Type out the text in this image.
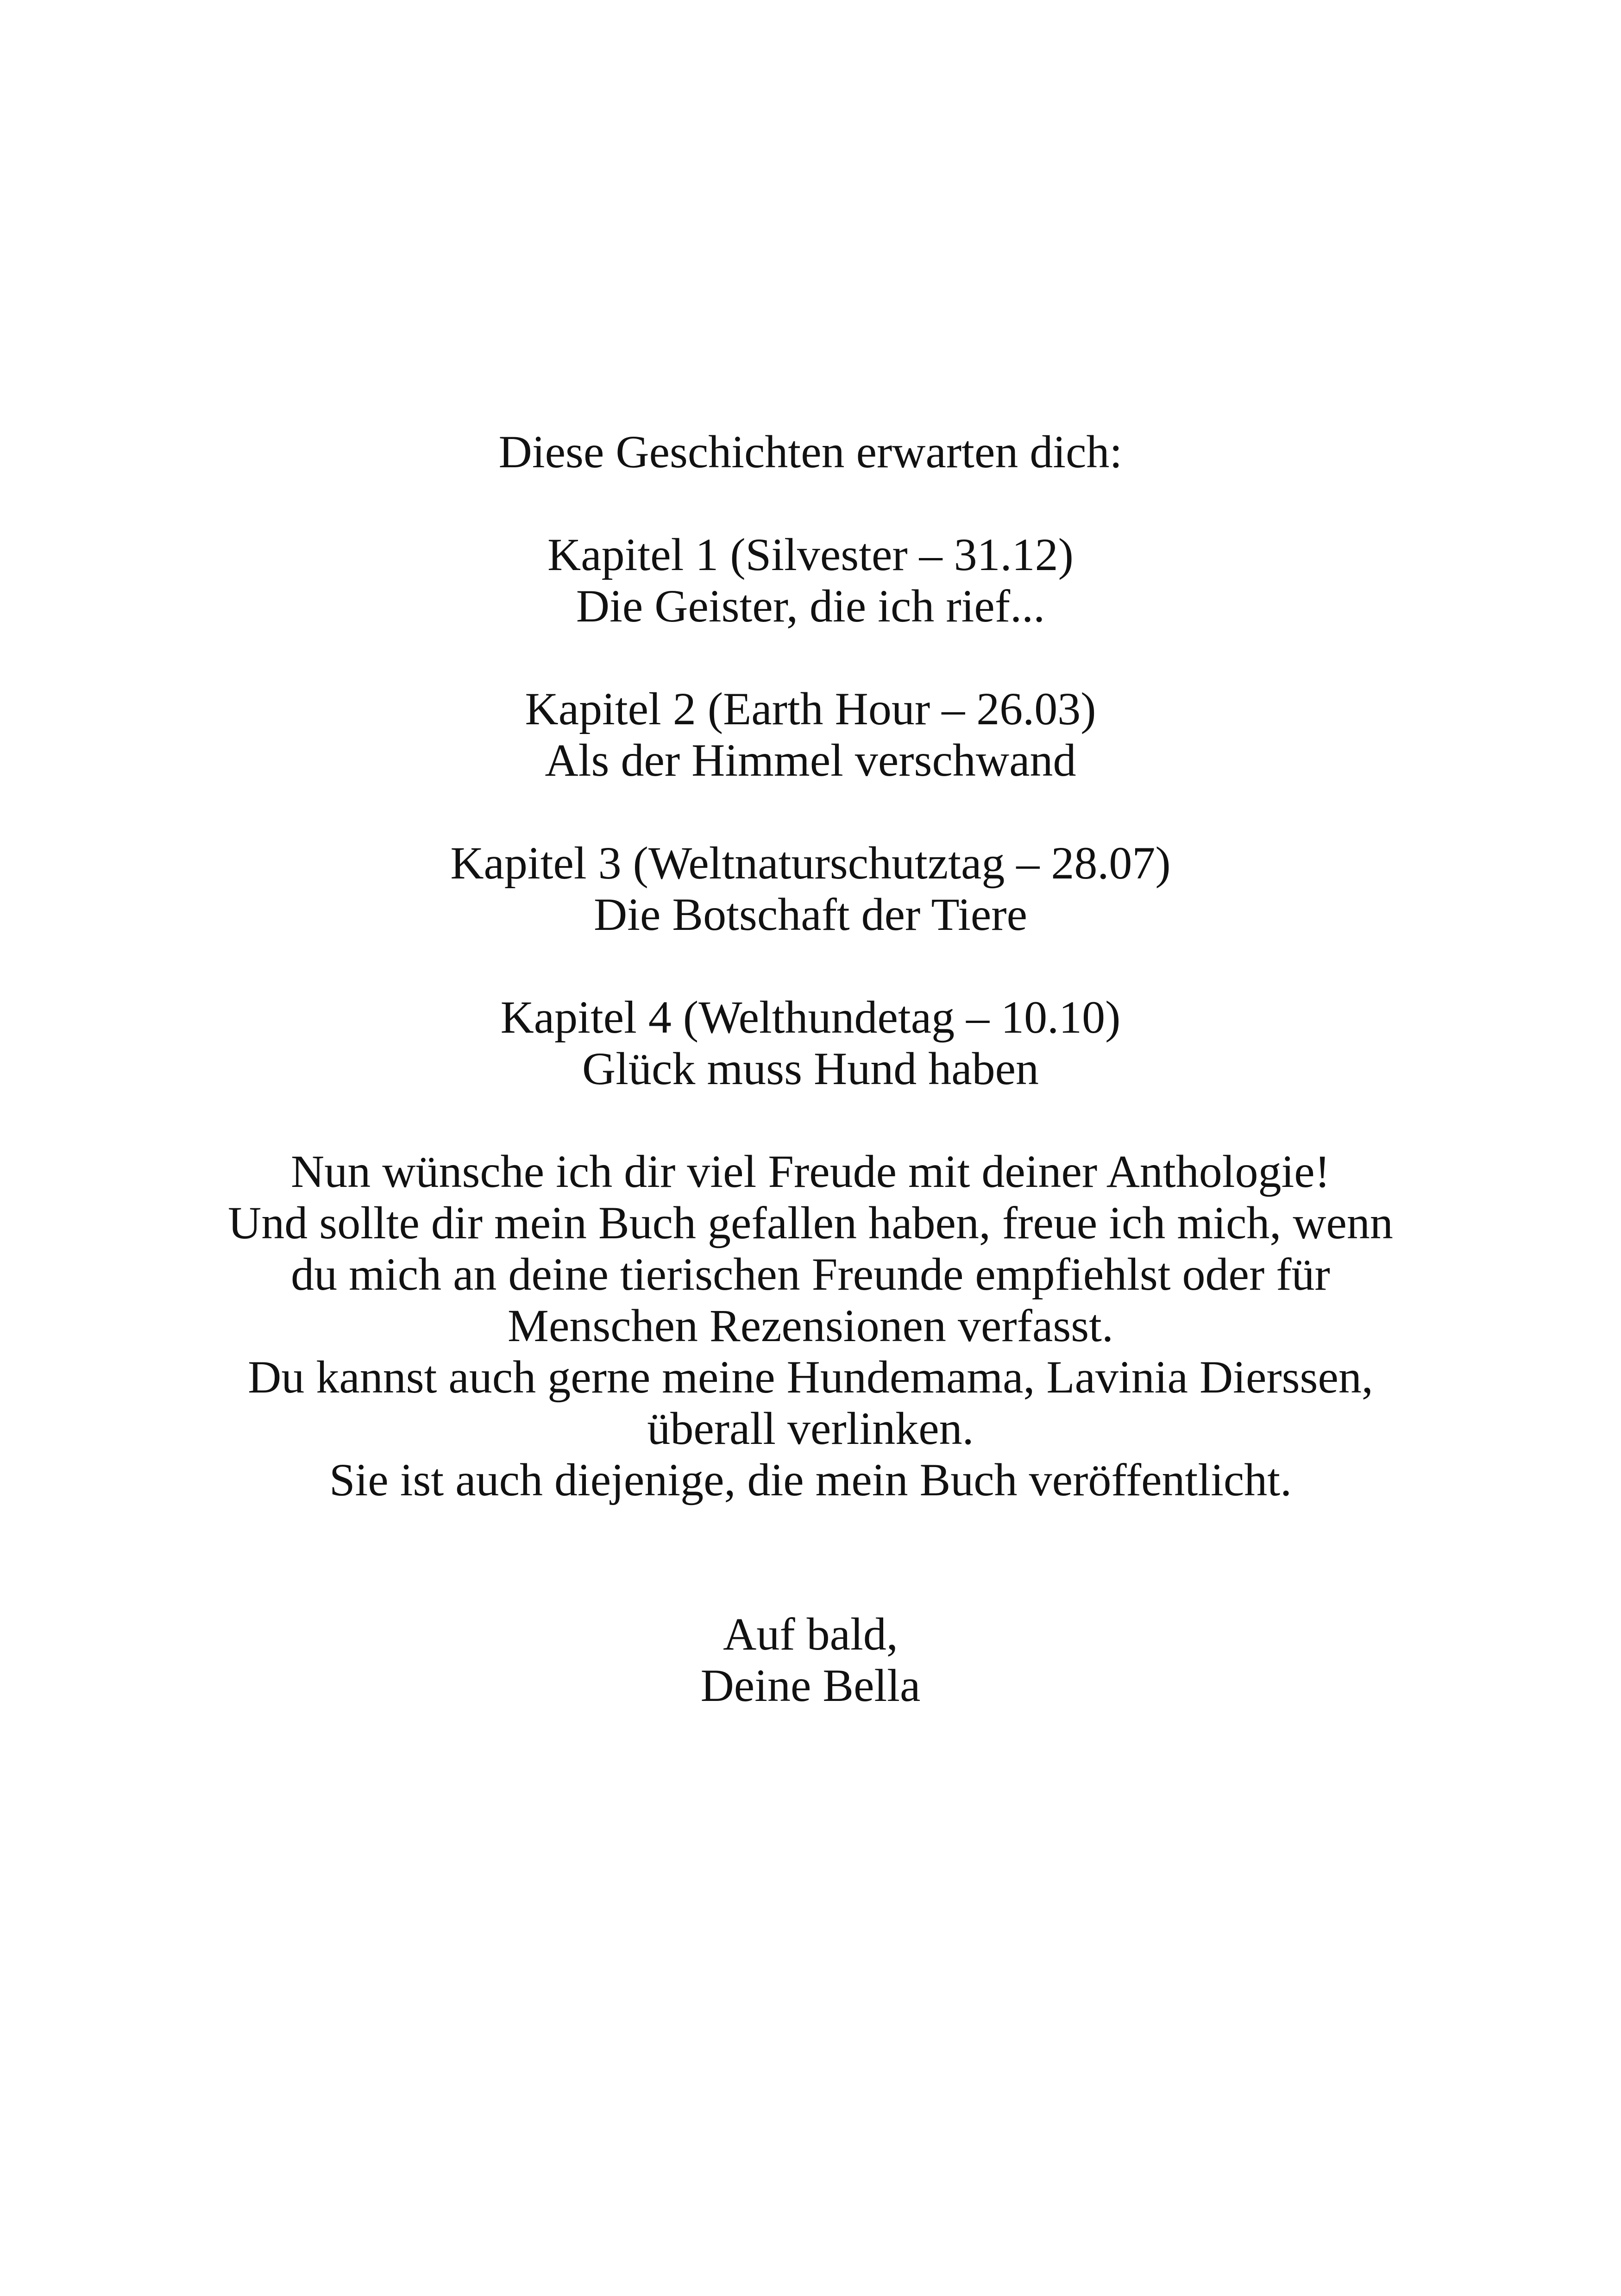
Diese Geschichten erwarten dich:
Kapitel 1 (Silvester – 31.12)
Die Geister, die ich rief...
Kapitel 2 (Earth Hour – 26.03)
Als der Himmel verschwand
Kapitel 3 (Weltnaturschutztag – 28.07)
Die Botschaft der Tiere
Kapitel 4 (Welthundetag – 10.10)
Glück muss Hund haben
Nun wünsche ich dir viel Freude mit deiner Anthologie!
Und sollte dir mein Buch gefallen haben, freue ich mich, wenn
du mich an deine tierischen Freunde empfiehlst oder für
Menschen Rezensionen verfasst.
Du kannst auch gerne meine Hundemama, Lavinia Dierssen,
überall verlinken.
Sie ist auch diejenige, die mein Buch veröffentlicht.
Auf bald,
Deine Bella
